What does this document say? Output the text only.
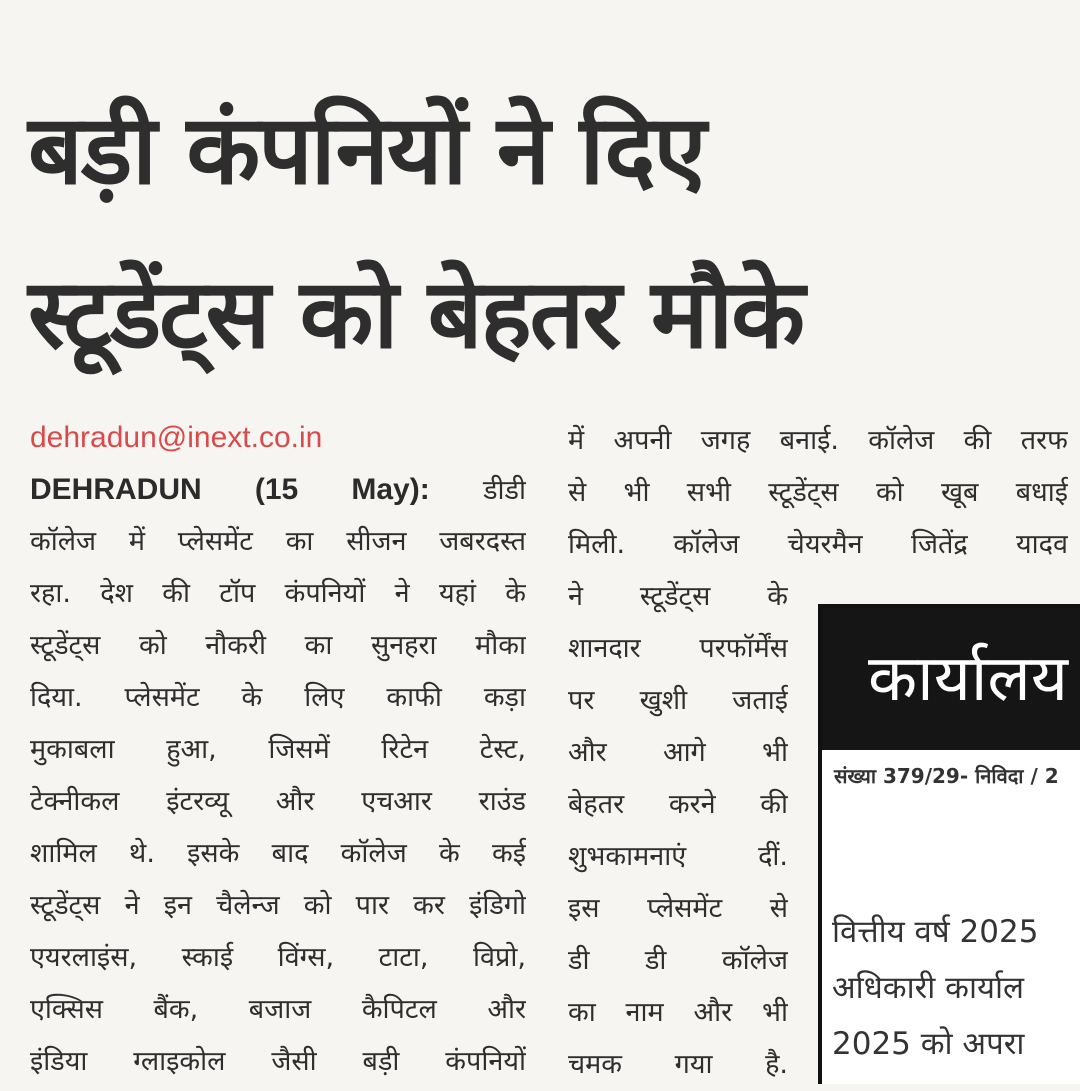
बड़ी कंपनियों ने दिए
स्टूडेंट्स को बेहतर मौके
dehradun@inext.co.in
DEHRADUN (15 May): डीडी
कॉलेज में प्लेसमेंट का सीजन जबरदस्त
रहा. देश की टॉप कंपनियों ने यहां के
स्टूडेंट्स को नौकरी का सुनहरा मौका
दिया. प्लेसमेंट के लिए काफी कड़ा
मुकाबला हुआ, जिसमें रिटेन टेस्ट,
टेक्नीकल इंटरव्यू और एचआर राउंड
शामिल थे. इसके बाद कॉलेज के कई
स्टूडेंट्स ने इन चैलेन्ज को पार कर इंडिगो
एयरलाइंस, स्काई विंग्स, टाटा, विप्रो,
एक्सिस बैंक, बजाज कैपिटल और
इंडिया ग्लाइकोल जैसी बड़ी कंपनियों
में अपनी जगह बनाई. कॉलेज की तरफ
से भी सभी स्टूडेंट्स को खूब बधाई
मिली. कॉलेज चेयरमैन जितेंद्र यादव
ने स्टूडेंट्स के
शानदार परफॉर्मेंस
पर खुशी जताई
और आगे भी
बेहतर करने की
शुभकामनाएं दीं.
इस प्लेसमेंट से
डी डी कॉलेज
का नाम और भी
चमक गया है.
कार्यालय
संख्या 379/29- निविदा / 2
वित्तीय वर्ष 2025
अधिकारी कार्याल
2025 को अपरा
